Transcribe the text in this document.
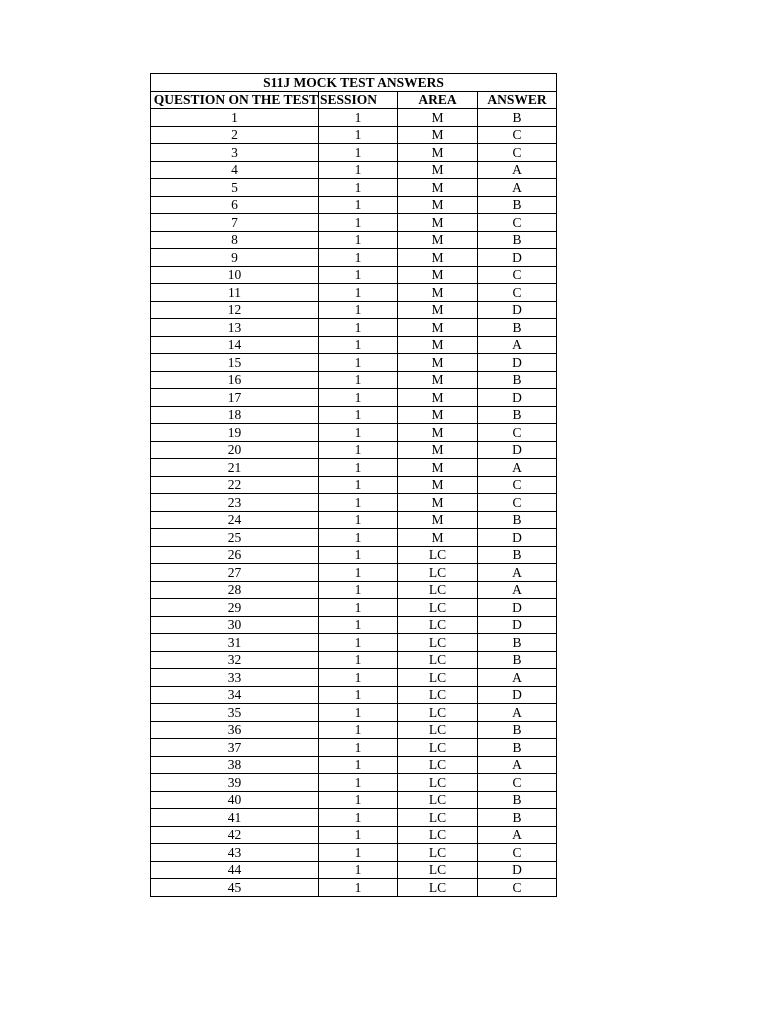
S11J MOCK TEST ANSWERS			
QUESTION ON THE TEST	SESSION	AREA	ANSWER
1	1	M	B
2	1	M	C
3	1	M	C
4	1	M	A
5	1	M	A
6	1	M	B
7	1	M	C
8	1	M	B
9	1	M	D
10	1	M	C
11	1	M	C
12	1	M	D
13	1	M	B
14	1	M	A
15	1	M	D
16	1	M	B
17	1	M	D
18	1	M	B
19	1	M	C
20	1	M	D
21	1	M	A
22	1	M	C
23	1	M	C
24	1	M	B
25	1	M	D
26	1	LC	B
27	1	LC	A
28	1	LC	A
29	1	LC	D
30	1	LC	D
31	1	LC	B
32	1	LC	B
33	1	LC	A
34	1	LC	D
35	1	LC	A
36	1	LC	B
37	1	LC	B
38	1	LC	A
39	1	LC	C
40	1	LC	B
41	1	LC	B
42	1	LC	A
43	1	LC	C
44	1	LC	D
45	1	LC	C
